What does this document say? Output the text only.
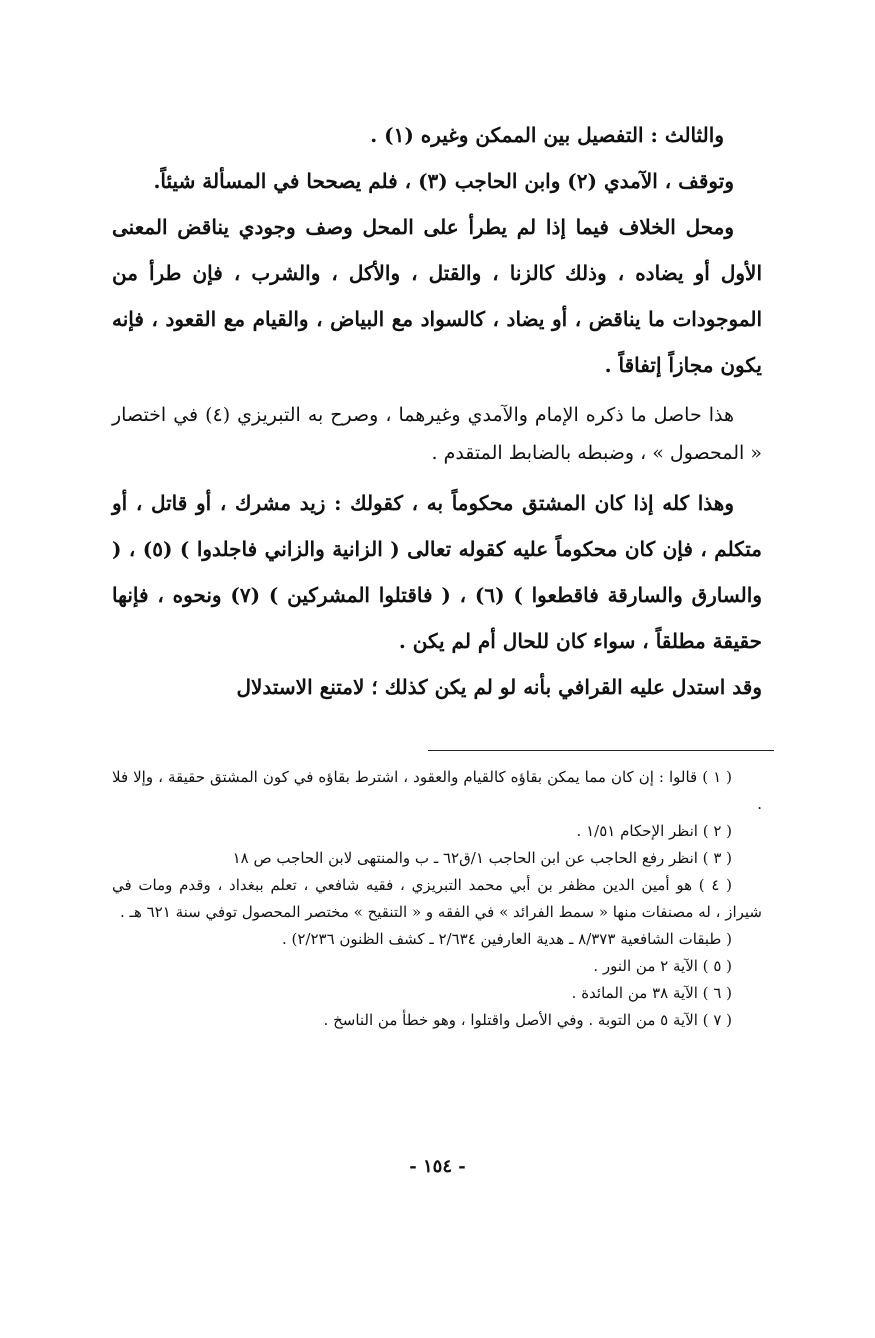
والثالث : التفصيل بين الممكن وغيره (١) .

وتوقف ، الآمدي (٢) وابن الحاجب (٣) ، فلم يصححا في المسألة شيئاً.

ومحل الخلاف فيما إذا لم يطرأ على المحل وصف وجودي يناقض المعنى الأول أو يضاده ، وذلك كالزنا ، والقتل ، والأكل ، والشرب ، فإن طرأ من الموجودات ما يناقض ، أو يضاد ، كالسواد مع البياض ، والقيام مع القعود ، فإنه يكون مجازاً إتفاقاً .

هذا حاصل ما ذكره الإمام والآمدي وغيرهما ، وصرح به التبريزي (٤) في اختصار « المحصول » ، وضبطه بالضابط المتقدم .

وهذا كله إذا كان المشتق محكوماً به ، كقولك : زيد مشرك ، أو قاتل ، أو متكلم ، فإن كان محكوماً عليه كقوله تعالى ( الزانية والزاني فاجلدوا ) (٥) ، ( والسارق والسارقة فاقطعوا ) (٦) ، ( فاقتلوا المشركين ) (٧) ونحوه ، فإنها حقيقة مطلقاً ، سواء كان للحال أم لم يكن .

وقد استدل عليه القرافي بأنه لو لم يكن كذلك ؛ لامتنع الاستدلال

( ١ ) قالوا : إن كان مما يمكن بقاؤه كالقيام والعقود ، اشترط بقاؤه في كون المشتق حقيقة ، وإلا فلا .

( ٢ ) انظر الإحكام ١/٥١ .

( ٣ ) انظر رفع الحاجب عن ابن الحاجب ١/ق٦٢ ـ ب والمنتهى لابن الحاجب ص ١٨

( ٤ ) هو أمين الدين مظفر بن أبي محمد التبريزي ، فقيه شافعي ، تعلم ببغداد ، وقدم ومات في شيراز ، له مصنفات منها « سمط الفرائد » في الفقه و « التنقيح » مختصر المحصول توفي سنة ٦٢١ هـ .

( طبقات الشافعية ٨/٣٧٣ ـ هدية العارفين ٢/٦٣٤ ـ كشف الظنون ٢/٢٣٦) .

( ٥ ) الآية ٢ من النور .

( ٦ ) الآية ٣٨ من المائدة .

( ٧ ) الآية ٥ من التوبة . وفي الأصل واقتلوا ، وهو خطأ من الناسخ .

- ١٥٤ -
